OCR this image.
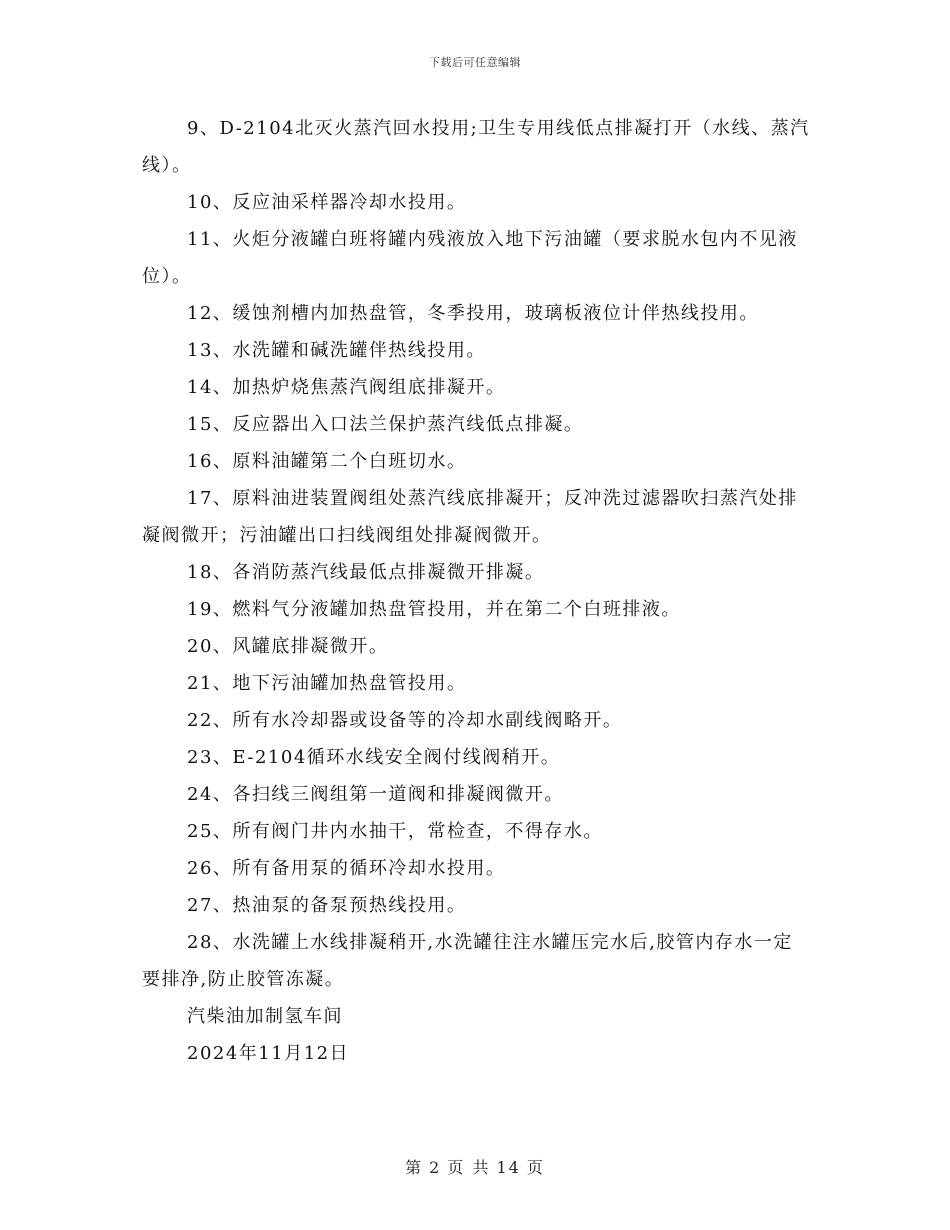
下载后可任意编辑

9、D-2104北灭火蒸汽回水投用;卫生专用线低点排凝打开（水线、蒸汽线）。

10、反应油采样器冷却水投用。

11、火炬分液罐白班将罐内残液放入地下污油罐（要求脱水包内不见液位）。

12、缓蚀剂槽内加热盘管，冬季投用，玻璃板液位计伴热线投用。

13、水洗罐和碱洗罐伴热线投用。

14、加热炉烧焦蒸汽阀组底排凝开。

15、反应器出入口法兰保护蒸汽线低点排凝。

16、原料油罐第二个白班切水。

17、原料油进装置阀组处蒸汽线底排凝开；反冲洗过滤器吹扫蒸汽处排凝阀微开；污油罐出口扫线阀组处排凝阀微开。

18、各消防蒸汽线最低点排凝微开排凝。

19、燃料气分液罐加热盘管投用，并在第二个白班排液。

20、风罐底排凝微开。

21、地下污油罐加热盘管投用。

22、所有水冷却器或设备等的冷却水副线阀略开。

23、E-2104循环水线安全阀付线阀稍开。

24、各扫线三阀组第一道阀和排凝阀微开。

25、所有阀门井内水抽干，常检查，不得存水。

26、所有备用泵的循环冷却水投用。

27、热油泵的备泵预热线投用。

28、水洗罐上水线排凝稍开,水洗罐往注水罐压完水后,胶管内存水一定要排净,防止胶管冻凝。

汽柴油加制氢车间

2024年11月12日

第 2 页 共 14 页
